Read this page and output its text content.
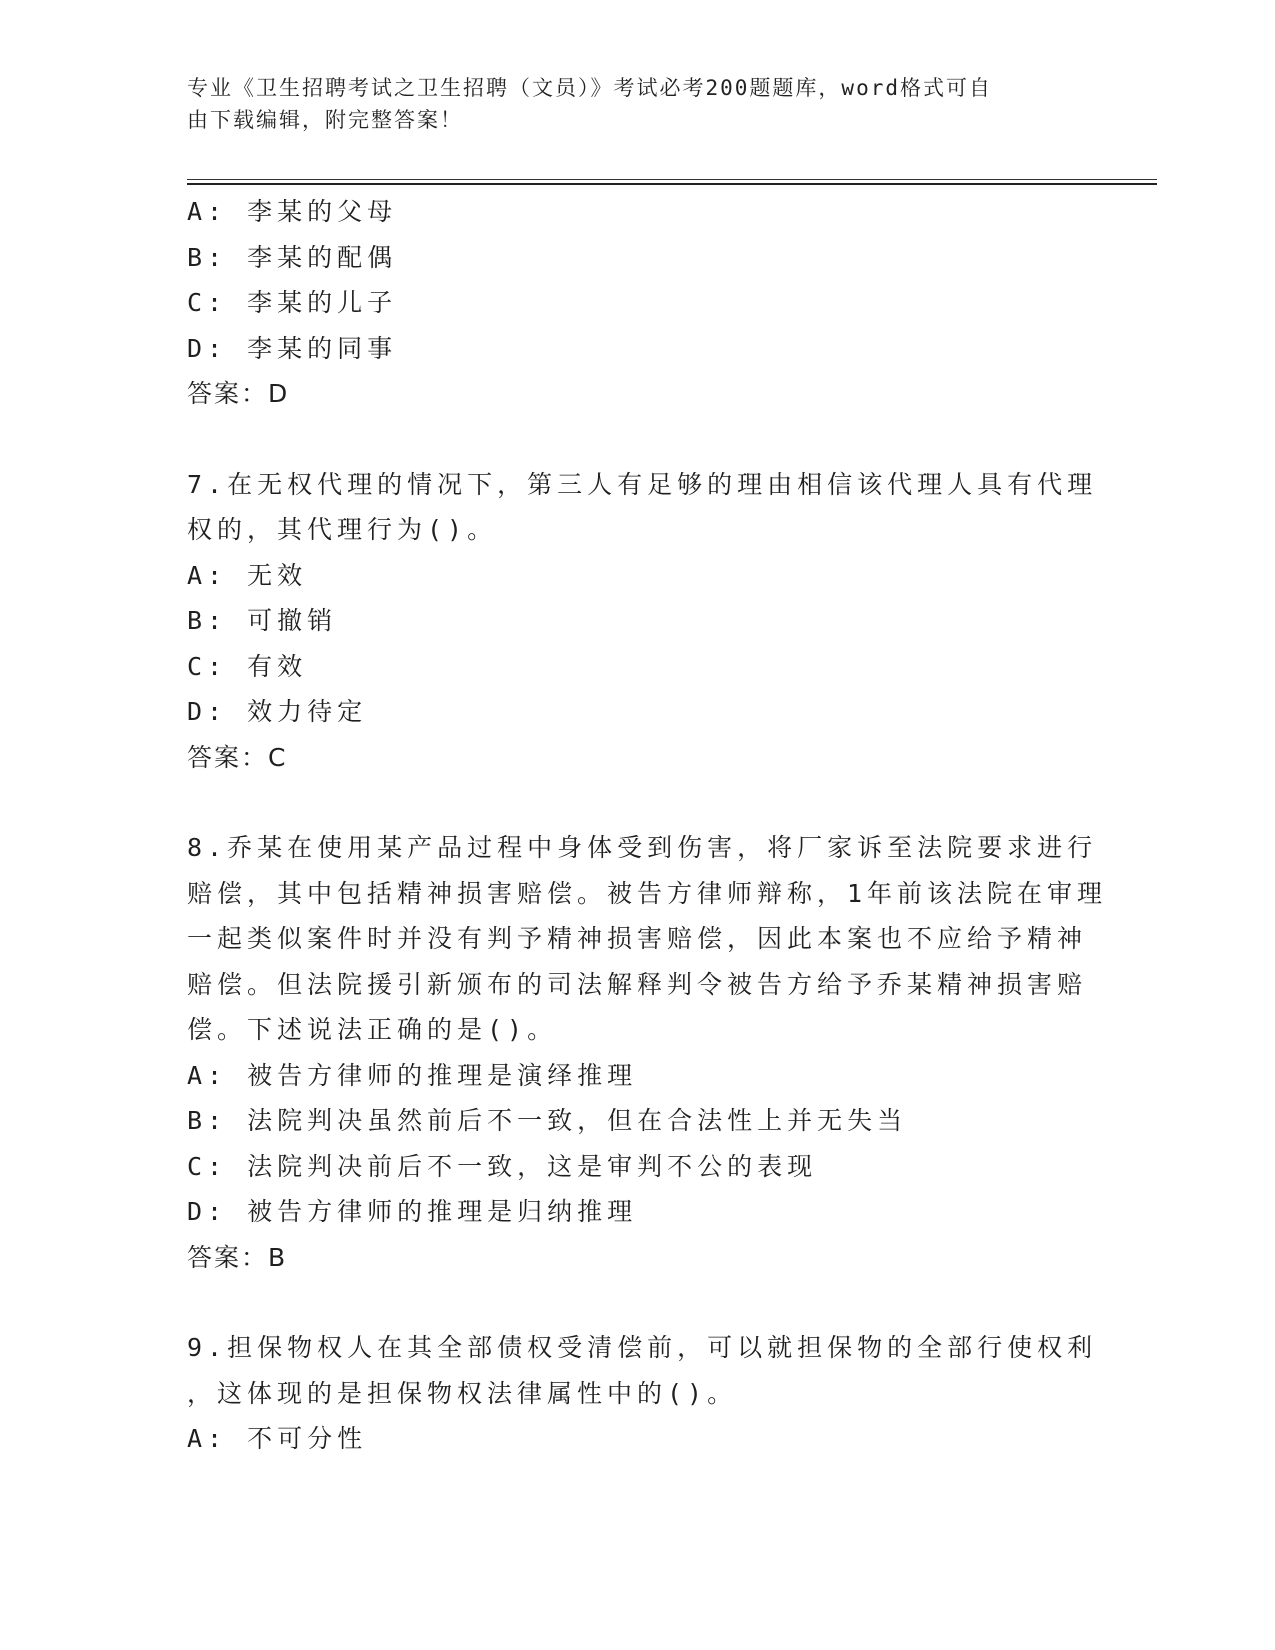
专业《卫生招聘考试之卫生招聘（文员）》考试必考200题题库，word格式可自
由下载编辑，附完整答案！
A: 李某的父母
B: 李某的配偶
C: 李某的儿子
D: 李某的同事
答案：D
7.在无权代理的情况下，第三人有足够的理由相信该代理人具有代理
权的，其代理行为()。
A: 无效
B: 可撤销
C: 有效
D: 效力待定
答案：C
8.乔某在使用某产品过程中身体受到伤害，将厂家诉至法院要求进行
赔偿，其中包括精神损害赔偿。被告方律师辩称，1年前该法院在审理
一起类似案件时并没有判予精神损害赔偿，因此本案也不应给予精神
赔偿。但法院援引新颁布的司法解释判令被告方给予乔某精神损害赔
偿。下述说法正确的是()。
A: 被告方律师的推理是演绎推理
B: 法院判决虽然前后不一致，但在合法性上并无失当
C: 法院判决前后不一致，这是审判不公的表现
D: 被告方律师的推理是归纳推理
答案：B
9.担保物权人在其全部债权受清偿前，可以就担保物的全部行使权利
，这体现的是担保物权法律属性中的()。
A: 不可分性
